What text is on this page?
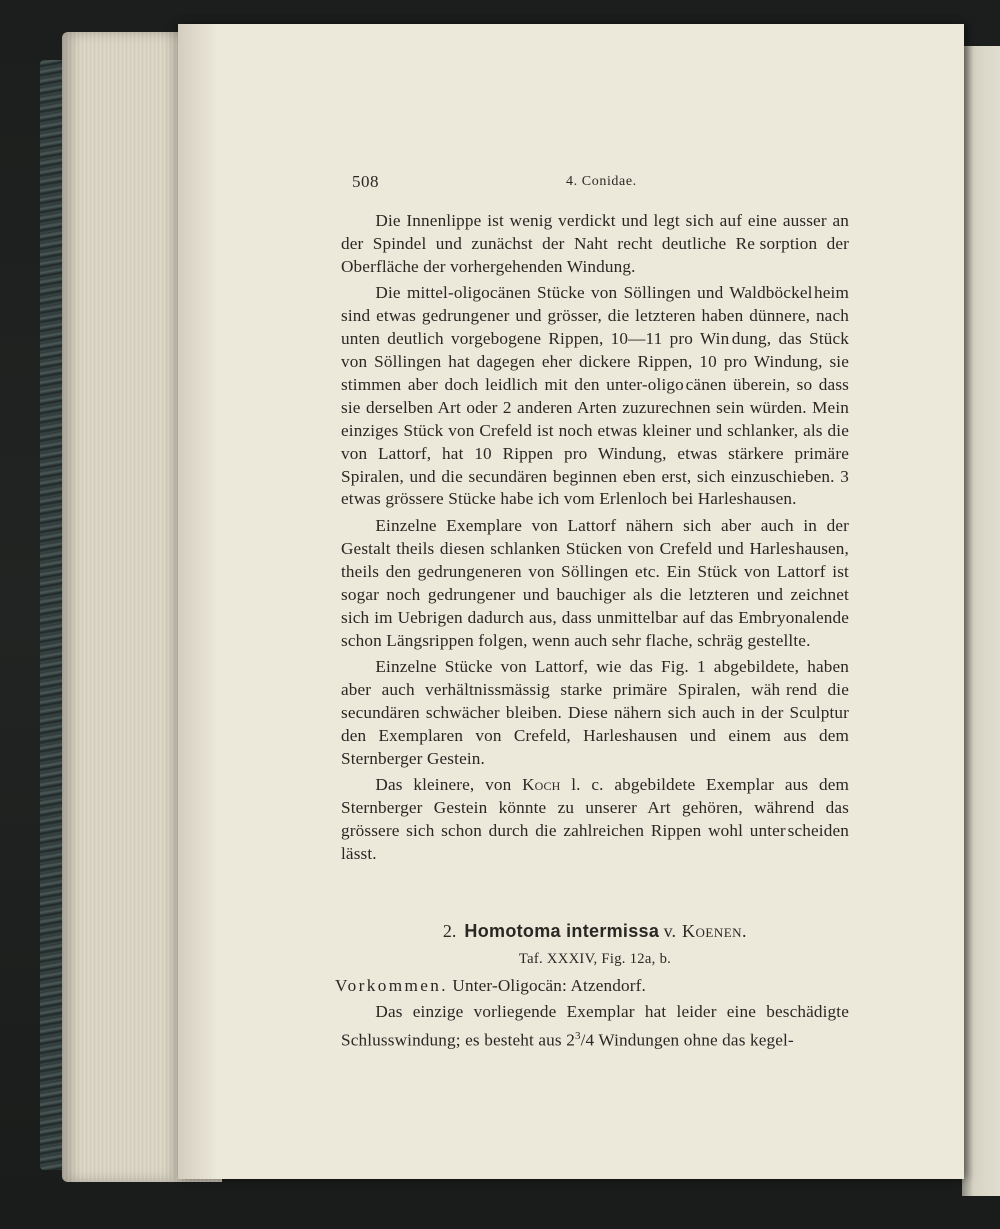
508	4. Conidae.

Die Innenlippe ist wenig verdickt und legt sich auf eine ausser an der Spindel und zunächst der Naht recht deutliche Re sorption der Oberfläche der vorhergehenden Windung.

Die mittel-oligocänen Stücke von Söllingen und Waldböckel heim sind etwas gedrungener und grösser, die letzteren haben dünnere, nach unten deutlich vorgebogene Rippen, 10—11 pro Win dung, das Stück von Söllingen hat dagegen eher dickere Rippen, 10 pro Windung, sie stimmen aber doch leidlich mit den unter-oligo cänen überein, so dass sie derselben Art oder 2 anderen Arten zuzurechnen sein würden. Mein einziges Stück von Crefeld ist noch etwas kleiner und schlanker, als die von Lattorf, hat 10 Rippen pro Windung, etwas stärkere primäre Spiralen, und die secundären beginnen eben erst, sich einzuschieben. 3 etwas grössere Stücke habe ich vom Erlenloch bei Harleshausen.

Einzelne Exemplare von Lattorf nähern sich aber auch in der Gestalt theils diesen schlanken Stücken von Crefeld und Harles hausen, theils den gedrungeneren von Söllingen etc. Ein Stück von Lattorf ist sogar noch gedrungener und bauchiger als die letzteren und zeichnet sich im Uebrigen dadurch aus, dass unmittelbar auf das Embryonalende schon Längsrippen folgen, wenn auch sehr flache, schräg gestellte.

Einzelne Stücke von Lattorf, wie das Fig. 1 abgebildete, haben aber auch verhältnissmässig starke primäre Spiralen, wäh rend die secundären schwächer bleiben. Diese nähern sich auch in der Sculptur den Exemplaren von Crefeld, Harleshausen und einem aus dem Sternberger Gestein.

Das kleinere, von Koch l. c. abgebildete Exemplar aus dem Sternberger Gestein könnte zu unserer Art gehören, während das grössere sich schon durch die zahlreichen Rippen wohl unter scheiden lässt.

2. Homotoma intermissa v. Koenen.

Taf. XXXIV, Fig. 12a, b.

Vorkommen. Unter-Oligocän: Atzendorf.

Das einzige vorliegende Exemplar hat leider eine beschädigte Schlusswindung; es besteht aus $2^3/4$ Windungen ohne das kegel-
